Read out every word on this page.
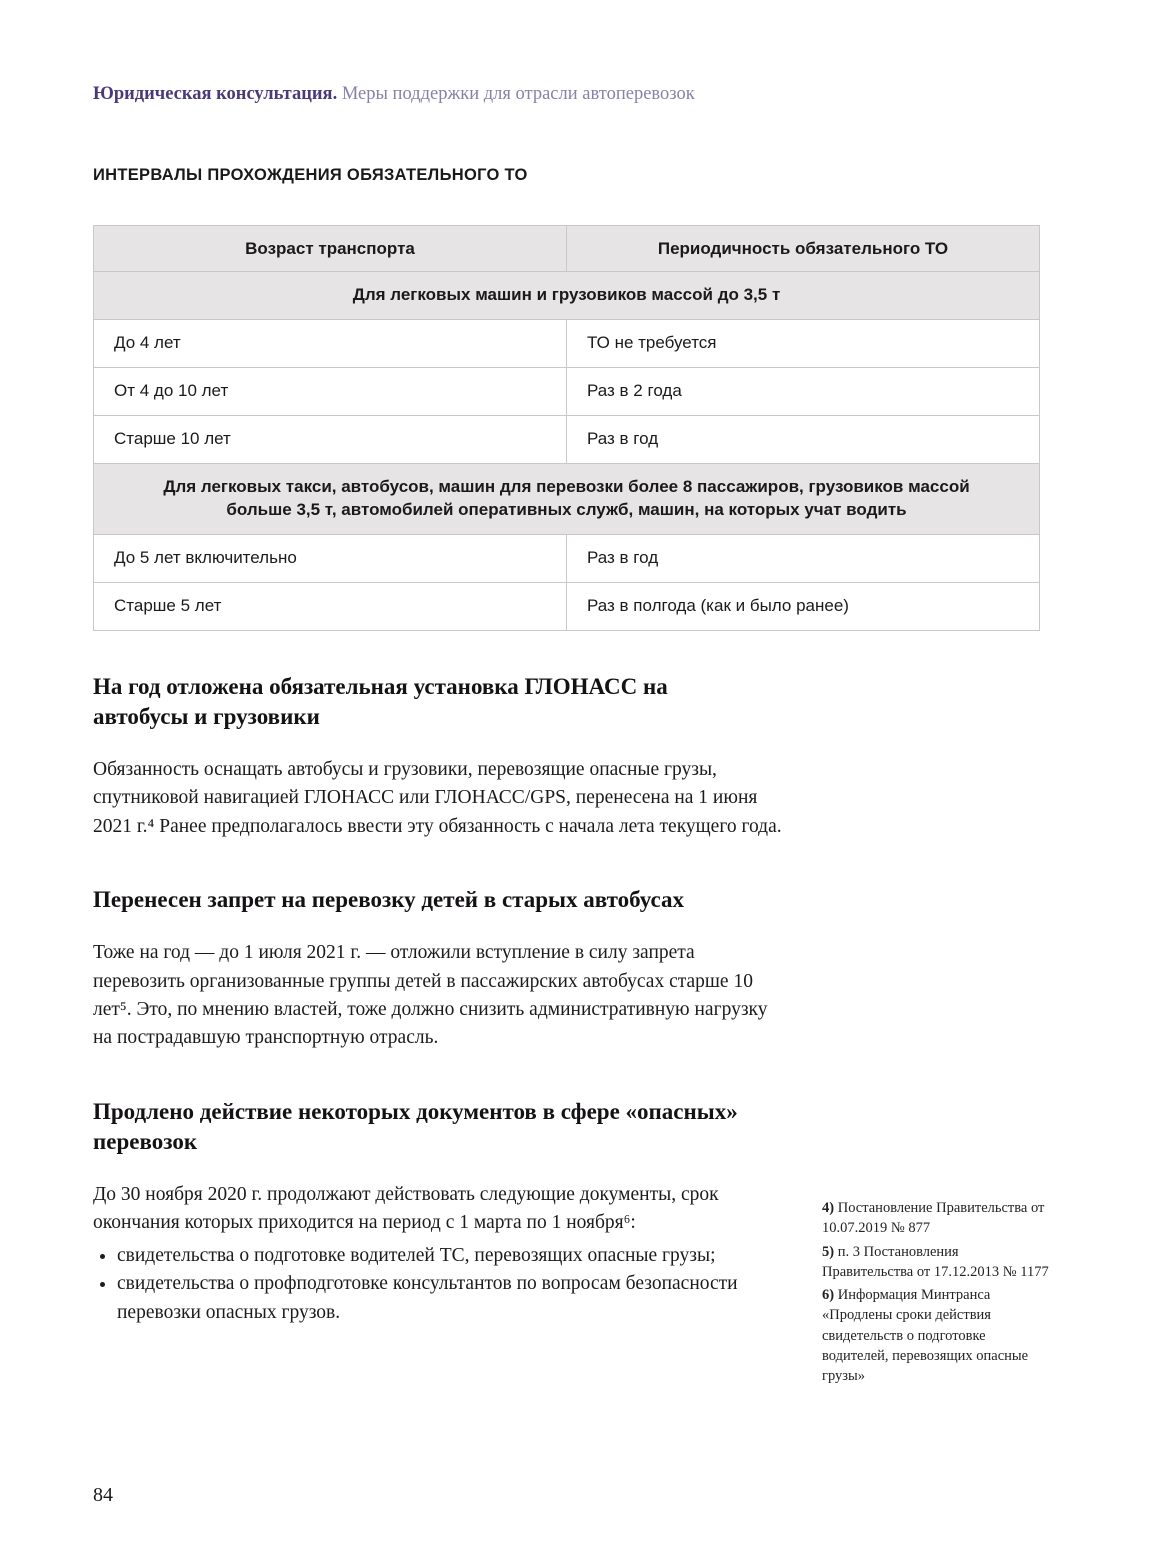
Юридическая консультация. Меры поддержки для отрасли автоперевозок
ИНТЕРВАЛЫ ПРОХОЖДЕНИЯ ОБЯЗАТЕЛЬНОГО ТО
Возраст транспорта	Периодичность обязательного ТО
Для легковых машин и грузовиков массой до 3,5 т	
До 4 лет	ТО не требуется
От 4 до 10 лет	Раз в 2 года
Старше 10 лет	Раз в год
Для легковых такси, автобусов, машин для перевозки более 8 пассажиров, грузовиков массой больше 3,5 т, автомобилей оперативных служб, машин, на которых учат водить	
До 5 лет включительно	Раз в год
Старше 5 лет	Раз в полгода (как и было ранее)
На год отложена обязательная установка ГЛОНАСС на автобусы и грузовики

Обязанность оснащать автобусы и грузовики, перевозящие опасные грузы, спутниковой навигацией ГЛОНАСС или ГЛОНАСС/GPS, перенесена на 1 июня 2021 г.⁴ Ранее предполагалось ввести эту обязанность с начала лета текущего года.

Перенесен запрет на перевозку детей в старых автобусах

Тоже на год — до 1 июля 2021 г. — отложили вступление в силу запрета перевозить организованные группы детей в пассажирских автобусах старше 10 лет⁵. Это, по мнению властей, тоже должно снизить административную нагрузку на пострадавшую транспортную отрасль.

Продлено действие некоторых документов в сфере «опасных» перевозок

До 30 ноября 2020 г. продолжают действовать следующие документы, срок окончания которых приходится на период с 1 марта по 1 ноября⁶:

• свидетельства о подготовке водителей ТС, перевозящих опасные грузы;
• свидетельства о профподготовке консультантов по вопросам безопасности перевозки опасных грузов.
4) Постановление Правительства от 10.07.2019 № 877
5) п. 3 Постановления Правительства от 17.12.2013 № 1177
6) Информация Минтранса «Продлены сроки действия свидетельств о подготовке водителей, перевозящих опасные грузы»
84
